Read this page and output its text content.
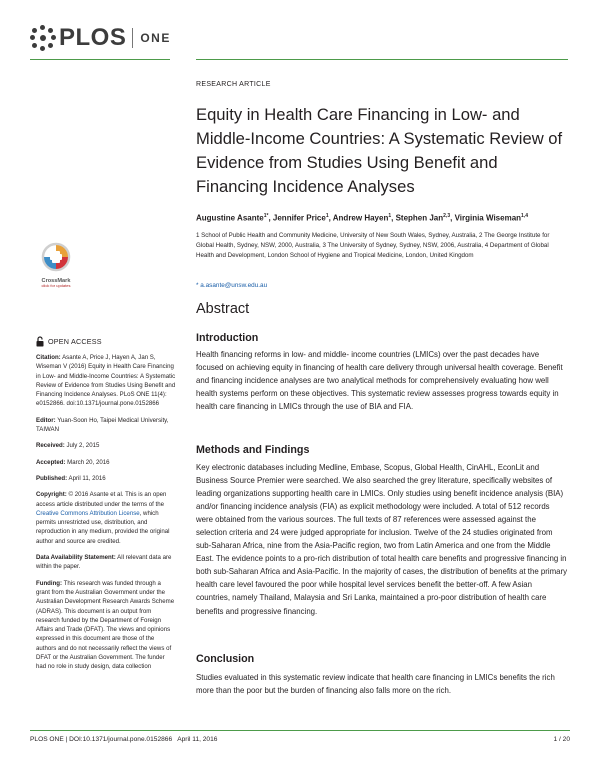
PLOS ONE
RESEARCH ARTICLE
Equity in Health Care Financing in Low- and Middle-Income Countries: A Systematic Review of Evidence from Studies Using Benefit and Financing Incidence Analyses
Augustine Asante$^{1*}$, Jennifer Price$^1$, Andrew Hayen$^1$, Stephen Jan$^{2,3}$, Virginia Wiseman$^{1,4}$
1 School of Public Health and Community Medicine, University of New South Wales, Sydney, Australia, 2 The George Institute for Global Health, Sydney, NSW, 2000, Australia, 3 The University of Sydney, Sydney, NSW, 2006, Australia, 4 Department of Global Health and Development, London School of Hygiene and Tropical Medicine, London, United Kingdom
* a.asante@unsw.edu.au
CrossMark
click for updates
OPEN ACCESS

Citation: Asante A, Price J, Hayen A, Jan S, Wiseman V (2016) Equity in Health Care Financing in Low- and Middle-Income Countries: A Systematic Review of Evidence from Studies Using Benefit and Financing Incidence Analyses. PLoS ONE 11(4): e0152866. doi:10.1371/journal.pone.0152866

Editor: Yuan-Soon Ho, Taipei Medical University, TAIWAN

Received: July 2, 2015

Accepted: March 20, 2016

Published: April 11, 2016

Copyright: © 2016 Asante et al. This is an open access article distributed under the terms of the Creative Commons Attribution License, which permits unrestricted use, distribution, and reproduction in any medium, provided the original author and source are credited.

Data Availability Statement: All relevant data are within the paper.

Funding: This research was funded through a grant from the Australian Government under the Australian Development Research Awards Scheme (ADRAS). This document is an output from research funded by the Department of Foreign Affairs and Trade (DFAT). The views and opinions expressed in this document are those of the authors and do not necessarily reflect the views of DFAT or the Australian Government. The funder had no role in study design, data collection

Abstract
Introduction

Health financing reforms in low- and middle- income countries (LMICs) over the past decades have focused on achieving equity in financing of health care delivery through universal health coverage. Benefit and financing incidence analyses are two analytical methods for comprehensively evaluating how well health systems perform on these objectives. This systematic review assesses progress towards equity in health care financing in LMICs through the use of BIA and FIA.

Methods and Findings

Key electronic databases including Medline, Embase, Scopus, Global Health, CinAHL, EconLit and Business Source Premier were searched. We also searched the grey literature, specifically websites of leading organizations supporting health care in LMICs. Only studies using benefit incidence analysis (BIA) and/or financing incidence analysis (FIA) as explicit methodology were included. A total of 512 records were obtained from the various sources. The full texts of 87 references were assessed against the selection criteria and 24 were judged appropriate for inclusion. Twelve of the 24 studies originated from sub-Saharan Africa, nine from the Asia-Pacific region, two from Latin America and one from the Middle East. The evidence points to a pro-rich distribution of total health care benefits and progressive financing in both sub-Saharan Africa and Asia-Pacific. In the majority of cases, the distribution of benefits at the primary health care level favoured the poor while hospital level services benefit the better-off. A few Asian countries, namely Thailand, Malaysia and Sri Lanka, maintained a pro-poor distribution of health care benefits and progressive financing.

Conclusion

Studies evaluated in this systematic review indicate that health care financing in LMICs benefits the rich more than the poor but the burden of financing also falls more on the rich.

PLOS ONE | DOI:10.1371/journal.pone.0152866   April 11, 2016	1 / 20
